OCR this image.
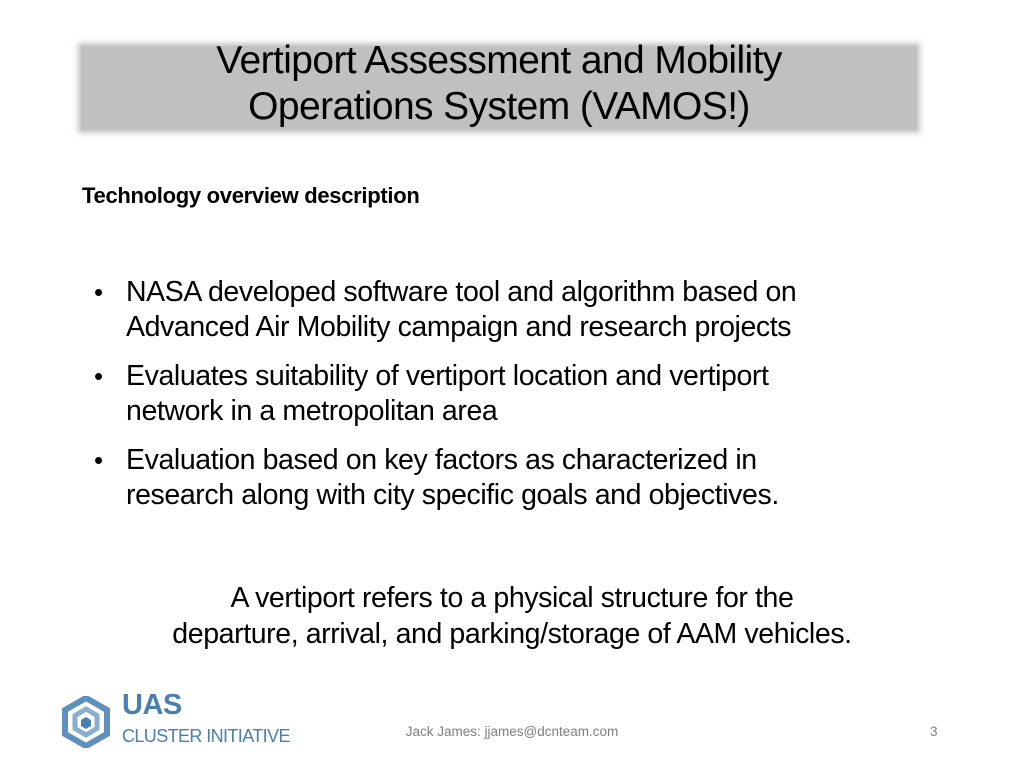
Vertiport Assessment and Mobility
Operations System (VAMOS!)
Technology overview description
• NASA developed software tool and algorithm based on
Advanced Air Mobility campaign and research projects
• Evaluates suitability of vertiport location and vertiport
network in a metropolitan area
• Evaluation based on key factors as characterized in
research along with city specific goals and objectives.
A vertiport refers to a physical structure for the
departure, arrival, and parking/storage of AAM vehicles.
UAS
CLUSTER INITIATIVE	Jack James: jjames@dcnteam.com	3
